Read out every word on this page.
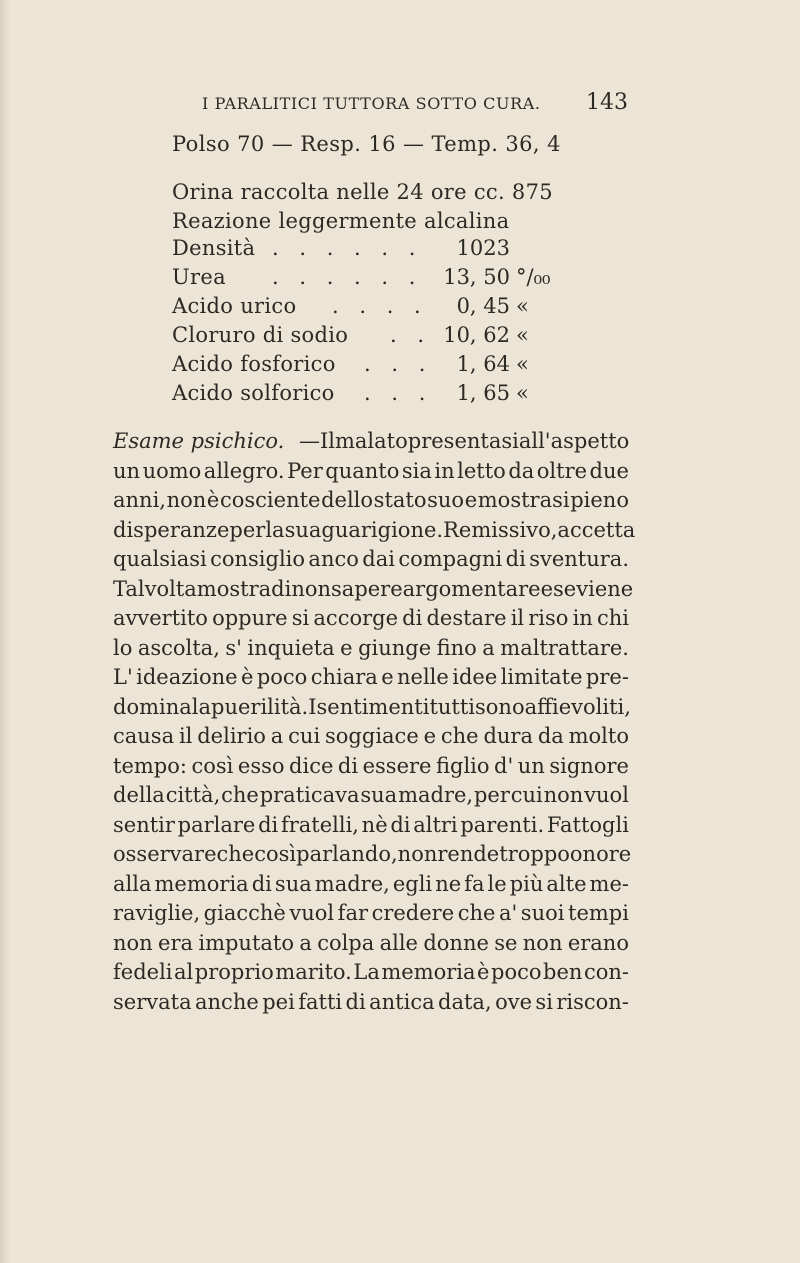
I PARALITICI TUTTORA SOTTO CURA. 143
Polso 70 — Resp. 16 — Temp. 36, 4
Orina raccolta nelle 24 ore cc. 875
Reazione leggermente alcalina
Densità . . . . . .	1023
Urea . . . . . . 13, 50 °/₀₀
Acido urico . . . .	0, 45 «
Cloruro di sodio . . 10, 62 «
Acido fosforico . . .	1, 64 «
Acido solforico . . .	1, 65 «
Esame psichico.
— Il malato presentasi all' aspetto
un uomo allegro. Per quanto sia in letto da oltre due
anni, non è cosciente dello stato suo e mostrasi pieno
di speranze per la sua guarigione. Remissivo, accetta
qualsiasi consiglio anco dai compagni di sventura.
Talvolta mostra di non sapere argomentare e se viene
avvertito oppure si accorge di destare il riso in chi
lo ascolta, s' inquieta e giunge fino a maltrattare.
L' ideazione è poco chiara e nelle idee limitate pre-
domina la puerilità. I sentimenti tutti sono affievoliti,
causa il delirio a cui soggiace e che dura da molto
tempo: così esso dice di essere figlio d' un signore
della città, che praticava sua madre, per cui non vuol
sentir parlare di fratelli, nè di altri parenti. Fattogli
osservare che così parlando, non rende troppo onore
alla memoria di sua madre, egli ne fa le più alte me-
raviglie, giacchè vuol far credere che a' suoi tempi
non era imputato a colpa alle donne se non erano
fedeli al proprio marito. La memoria è poco ben con-
servata anche pei fatti di antica data, ove si riscon-
